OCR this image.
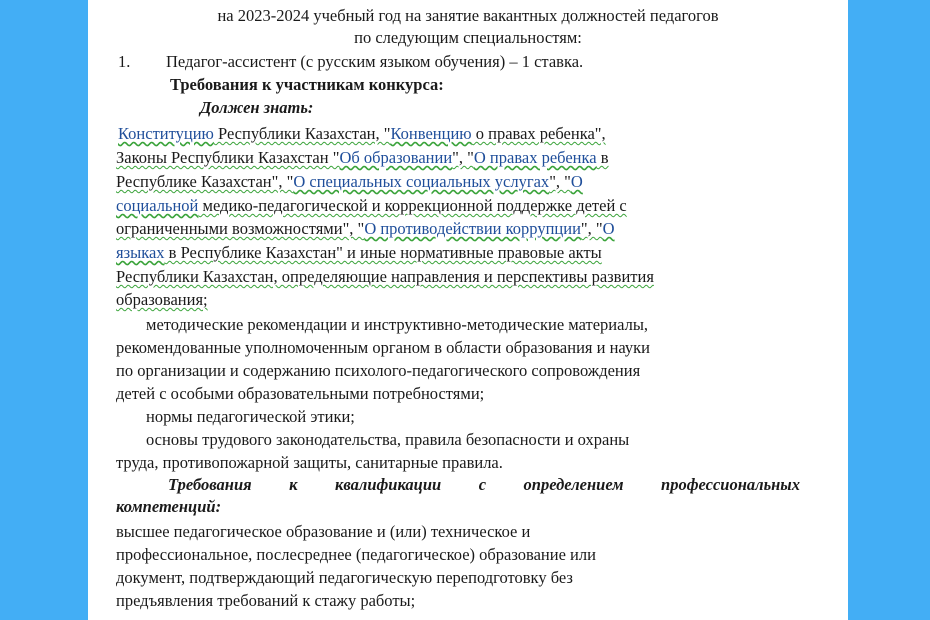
на 2023-2024 учебный год на занятие вакантных должностей педагогов
по следующим специальностям:
1. Педагог-ассистент (с русским языком обучения) – 1 ставка.
Требования к участникам конкурса:
Должен знать:
Конституцию Республики Казахстан, "Конвенцию о правах ребенка",
Законы Республики Казахстан "Об образовании", "О правах ребенка в
Республике Казахстан", "О специальных социальных услугах", "О
социальной медико-педагогической и коррекционной поддержке детей с
ограниченными возможностями", "О противодействии коррупции", "О
языках в Республике Казахстан" и иные нормативные правовые акты
Республики Казахстан, определяющие направления и перспективы развития
образования;
методические рекомендации и инструктивно-методические материалы,
рекомендованные уполномоченным органом в области образования и науки
по организации и содержанию психолого-педагогического сопровождения
детей с особыми образовательными потребностями;
нормы педагогической этики;
основы трудового законодательства, правила безопасности и охраны
труда, противопожарной защиты, санитарные правила.
Требования к квалификации с определением профессиональных
компетенций:
высшее педагогическое образование и (или) техническое и
профессиональное, послесреднее (педагогическое) образование или
документ, подтверждающий педагогическую переподготовку без
предъявления требований к стажу работы;
